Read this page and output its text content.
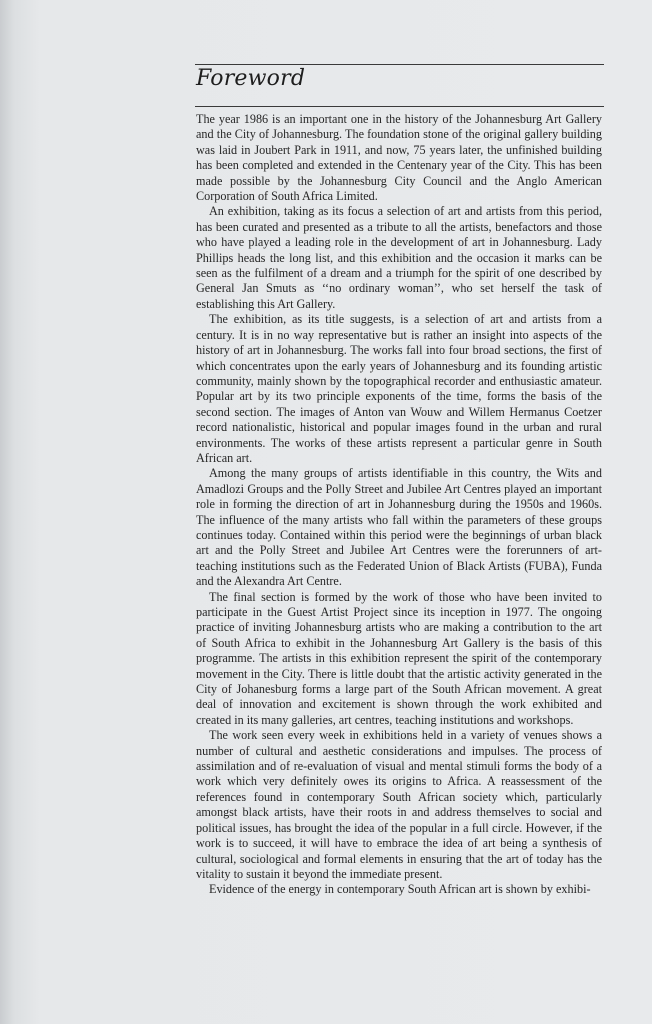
Foreword

The year 1986 is an important one in the history of the Johannesburg Art Gallery and the City of Johannesburg. The foundation stone of the original gallery building was laid in Joubert Park in 1911, and now, 75 years later, the unfinished building has been completed and extended in the Centenary year of the City. This has been made possible by the Johannesburg City Council and the Anglo American Corporation of South Africa Limited.

An exhibition, taking as its focus a selection of art and artists from this period, has been curated and presented as a tribute to all the artists, benefactors and those who have played a leading role in the development of art in Johannesburg. Lady Phillips heads the long list, and this exhibition and the occasion it marks can be seen as the fulfilment of a dream and a triumph for the spirit of one described by General Jan Smuts as ‘‘no ordinary woman’’, who set herself the task of establishing this Art Gallery.

The exhibition, as its title suggests, is a selection of art and artists from a century. It is in no way representative but is rather an insight into aspects of the history of art in Johannesburg. The works fall into four broad sections, the first of which concentrates upon the early years of Johannesburg and its founding artistic community, mainly shown by the topographical recorder and enthusiastic amateur. Popular art by its two principle exponents of the time, forms the basis of the second section. The images of Anton van Wouw and Willem Hermanus Coetzer record nationalistic, historical and popular images found in the urban and rural environments. The works of these artists represent a particular genre in South African art.

Among the many groups of artists identifiable in this country, the Wits and Amadlozi Groups and the Polly Street and Jubilee Art Centres played an important role in forming the direction of art in Johannesburg during the 1950s and 1960s. The influence of the many artists who fall within the parameters of these groups continues today. Contained within this period were the beginnings of urban black art and the Polly Street and Jubilee Art Centres were the forerunners of art-teaching institutions such as the Federated Union of Black Artists (FUBA), Funda and the Alexandra Art Centre.

The final section is formed by the work of those who have been invited to participate in the Guest Artist Project since its inception in 1977. The ongoing practice of inviting Johannesburg artists who are making a contribution to the art of South Africa to exhibit in the Johannesburg Art Gallery is the basis of this programme. The artists in this exhibition represent the spirit of the contemporary movement in the City. There is little doubt that the artistic activity generated in the City of Johanesburg forms a large part of the South African movement. A great deal of innovation and excitement is shown through the work exhibited and created in its many galleries, art centres, teaching institutions and workshops.

The work seen every week in exhibitions held in a variety of venues shows a number of cultural and aesthetic considerations and impulses. The process of assimilation and of re-evaluation of visual and mental stimuli forms the body of a work which very definitely owes its origins to Africa. A reassessment of the references found in contemporary South African society which, particularly amongst black artists, have their roots in and address themselves to social and political issues, has brought the idea of the popular in a full circle. However, if the work is to succeed, it will have to embrace the idea of art being a synthesis of cultural, sociological and formal elements in ensuring that the art of today has the vitality to sustain it beyond the immediate present.

Evidence of the energy in contemporary South African art is shown by exhibi-
